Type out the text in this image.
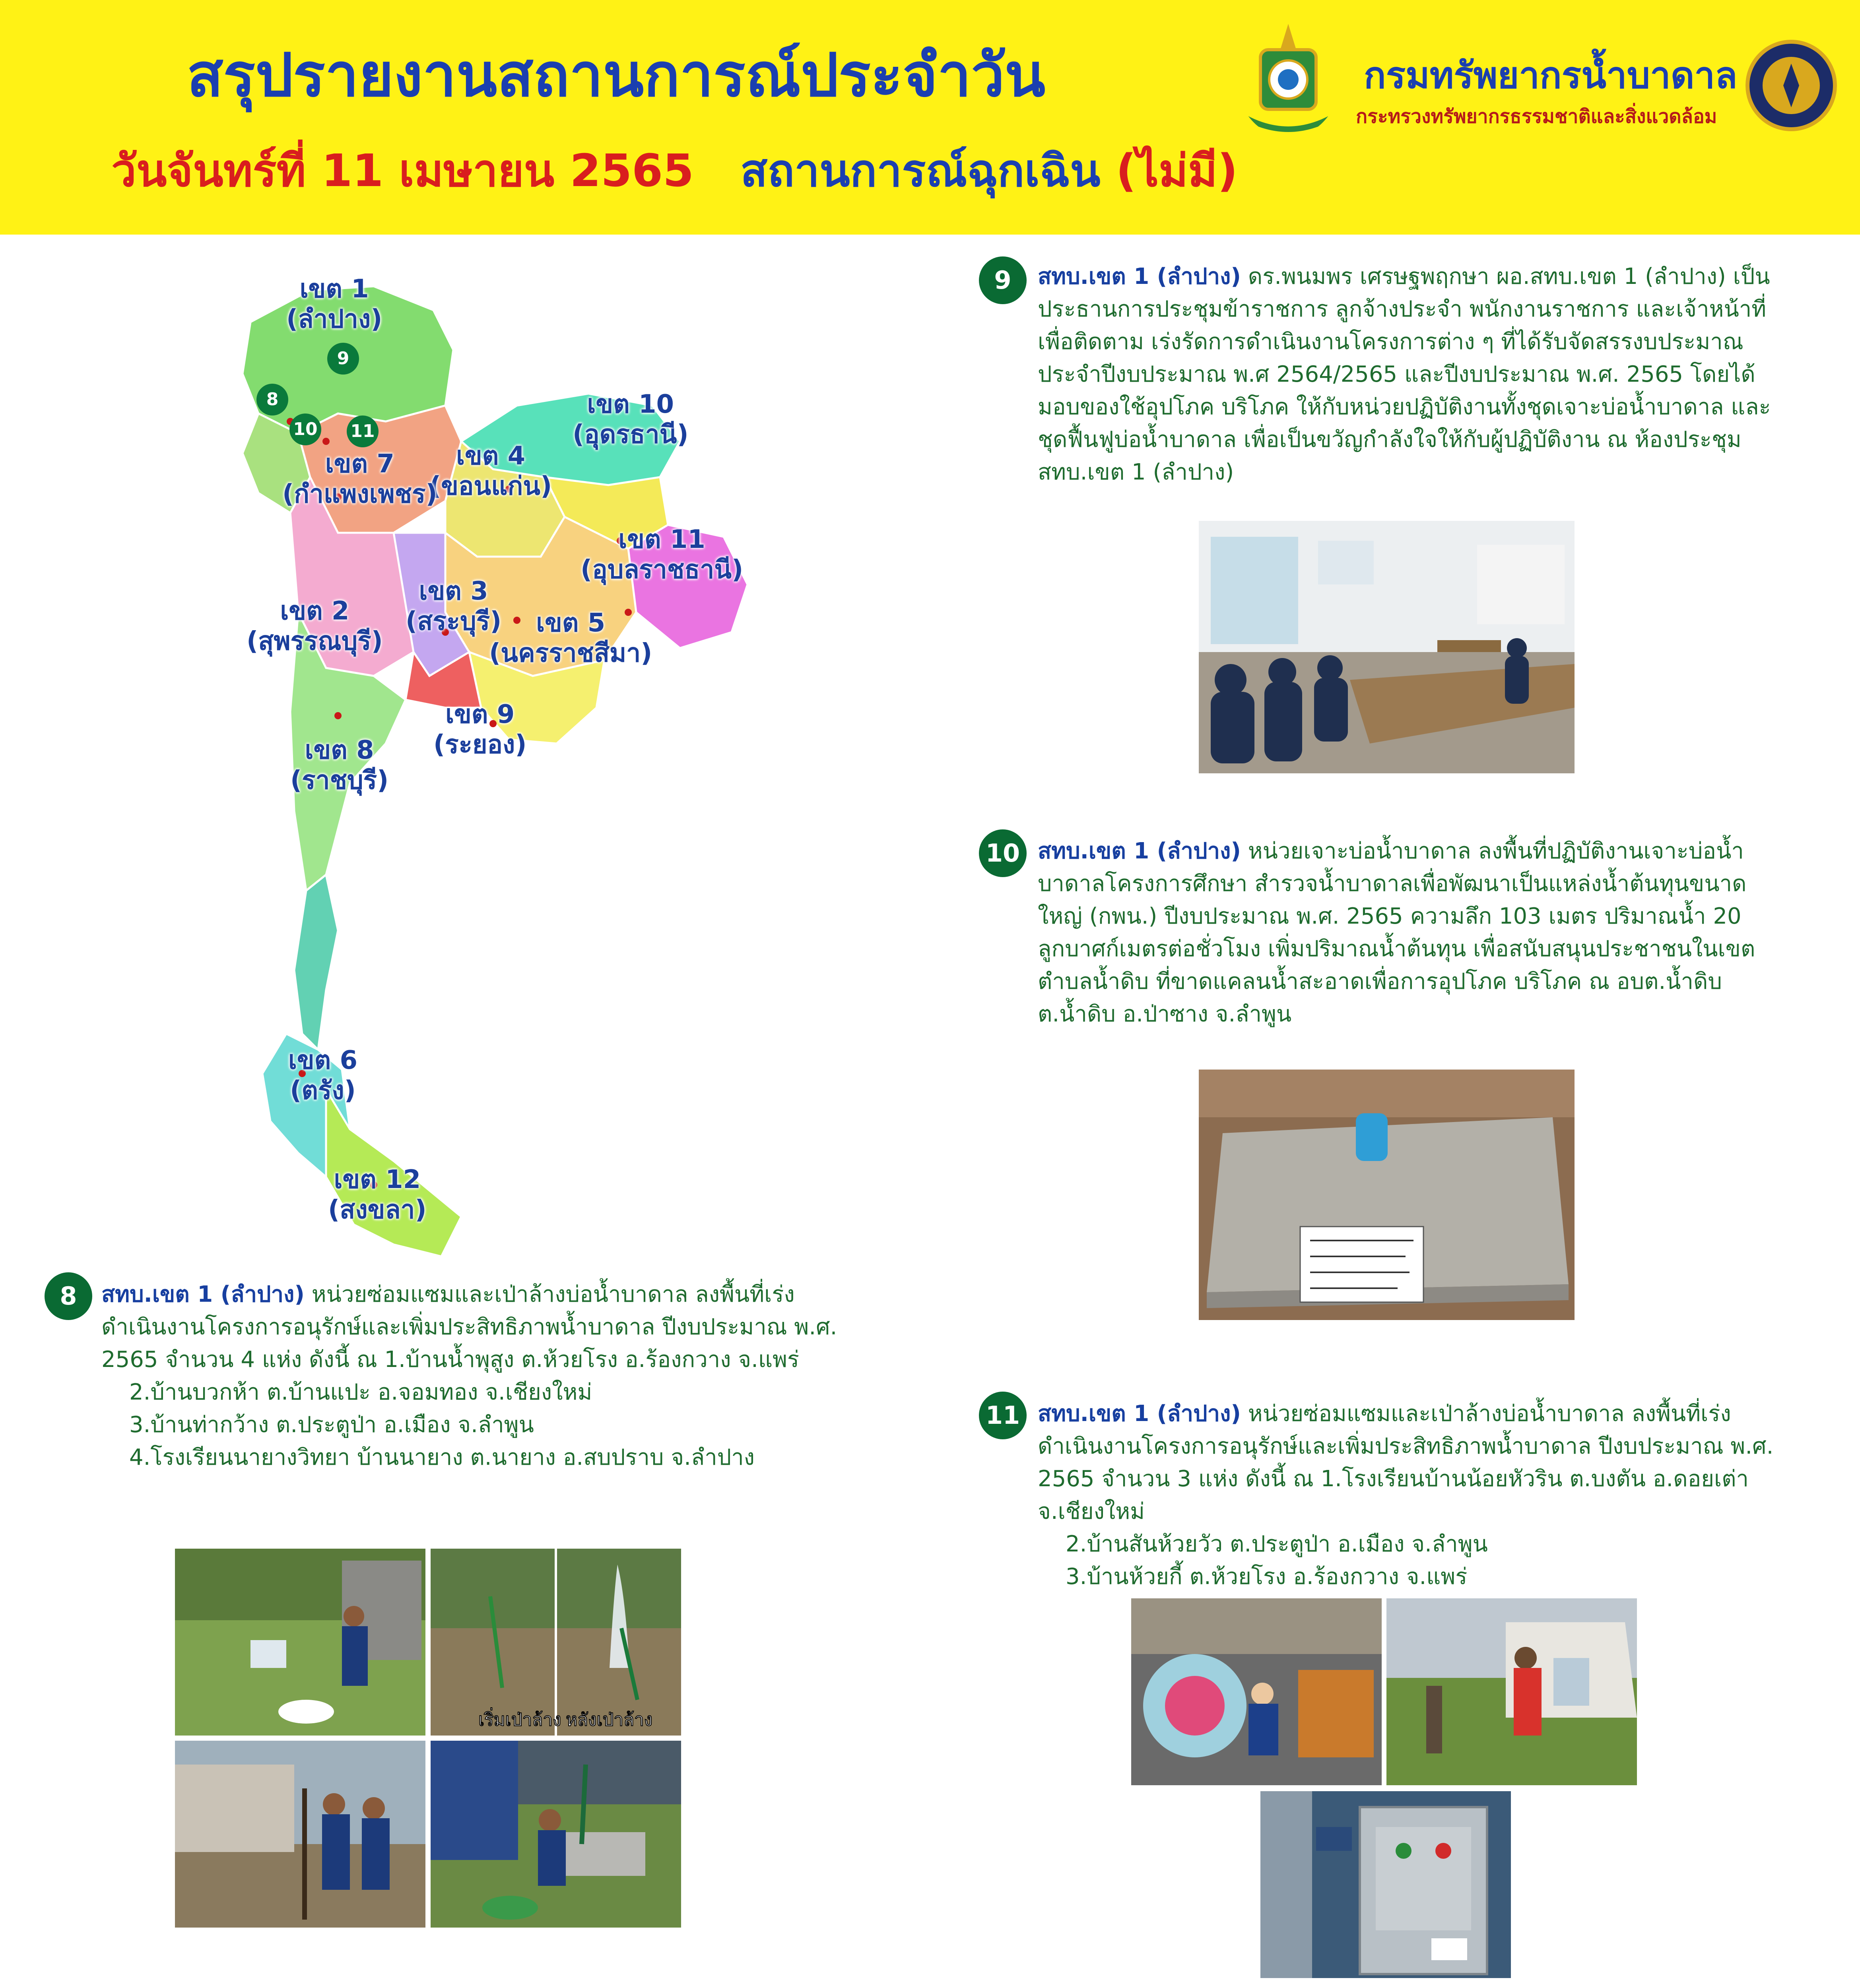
สรุปรายงานสถานการณ์ประจำวัน
วันจันทร์ที่ 11 เมษายน 2565 สถานการณ์ฉุกเฉิน (ไม่มี)
กรมทรัพยากรน้ำบาดาล
กระทรวงทรัพยากรธรรมชาติและสิ่งแวดล้อม
เขต 1
(ลำปาง)
เขต 10
(อุดรธานี)
เขต 4
(ขอนแก่น)
เขต 7
(กำแพงเพชร)
เขต 11
(อุบลราชธานี)
เขต 2
(สุพรรณบุรี)
เขต 3
(สระบุรี)	เขต 5
(นครราชสีมา)
เขต 9
(ระยอง)
เขต 8
(ราชบุรี)
เขต 6
(ตรัง)
เขต 12
(สงขลา)
9
8
10 11
9	สทบ.เขต 1 (ลำปาง) ดร.พนมพร เศรษฐพฤกษา ผอ.สทบ.เขต 1 (ลำปาง) เป็นประธานการประชุมข้าราชการ ลูกจ้างประจำ พนักงานราชการ และเจ้าหน้าที่ เพื่อติดตาม เร่งรัดการดำเนินงานโครงการต่าง ๆ ที่ได้รับจัดสรรงบประมาณ ประจำปีงบประมาณ พ.ศ 2564/2565 และปีงบประมาณ พ.ศ. 2565 โดยได้มอบของใช้อุปโภค บริโภค ให้กับหน่วยปฏิบัติงานทั้งชุดเจาะบ่อน้ำบาดาล และชุดฟื้นฟูบ่อน้ำบาดาล เพื่อเป็นขวัญกำลังใจให้กับผู้ปฏิบัติงาน ณ ห้องประชุม สทบ.เขต 1 (ลำปาง)
10 สทบ.เขต 1 (ลำปาง) หน่วยเจาะบ่อน้ำบาดาล ลงพื้นที่ปฏิบัติงานเจาะบ่อน้ำบาดาลโครงการศึกษา สำรวจน้ำบาดาลเพื่อพัฒนาเป็นแหล่งน้ำต้นทุนขนาดใหญ่ (กพน.) ปีงบประมาณ พ.ศ. 2565 ความลึก 103 เมตร ปริมาณน้ำ 20 ลูกบาศก์เมตรต่อชั่วโมง เพิ่มปริมาณน้ำต้นทุน เพื่อสนับสนุนประชาชนในเขตตำบลน้ำดิบ ที่ขาดแคลนน้ำสะอาดเพื่อการอุปโภค บริโภค ณ อบต.น้ำดิบ ต.น้ำดิบ อ.ป่าซาง จ.ลำพูน
11 สทบ.เขต 1 (ลำปาง) หน่วยซ่อมแซมและเป่าล้างบ่อน้ำบาดาล ลงพื้นที่เร่งดำเนินงานโครงการอนุรักษ์และเพิ่มประสิทธิภาพน้ำบาดาล ปีงบประมาณ พ.ศ. 2565 จำนวน 3 แห่ง ดังนี้ ณ 1.โรงเรียนบ้านน้อยหัวริน ต.บงตัน อ.ดอยเต่า จ.เชียงใหม่
2.บ้านสันห้วยวัว ต.ประตูป่า อ.เมือง จ.ลำพูน
3.บ้านห้วยกี้ ต.ห้วยโรง อ.ร้องกวาง จ.แพร่
8	สทบ.เขต 1 (ลำปาง) หน่วยซ่อมแซมและเป่าล้างบ่อน้ำบาดาล ลงพื้นที่เร่งดำเนินงานโครงการอนุรักษ์และเพิ่มประสิทธิภาพน้ำบาดาล ปีงบประมาณ พ.ศ. 2565 จำนวน 4 แห่ง ดังนี้ ณ 1.บ้านน้ำพุสูง ต.ห้วยโรง อ.ร้องกวาง จ.แพร่
2.บ้านบวกห้า ต.บ้านแปะ อ.จอมทอง จ.เชียงใหม่
3.บ้านท่ากว้าง ต.ประตูป่า อ.เมือง จ.ลำพูน
4.โรงเรียนนายางวิทยา บ้านนายาง ต.นายาง อ.สบปราบ จ.ลำปาง
เริ่มเป่าล้าง หลังเป่าล้าง
